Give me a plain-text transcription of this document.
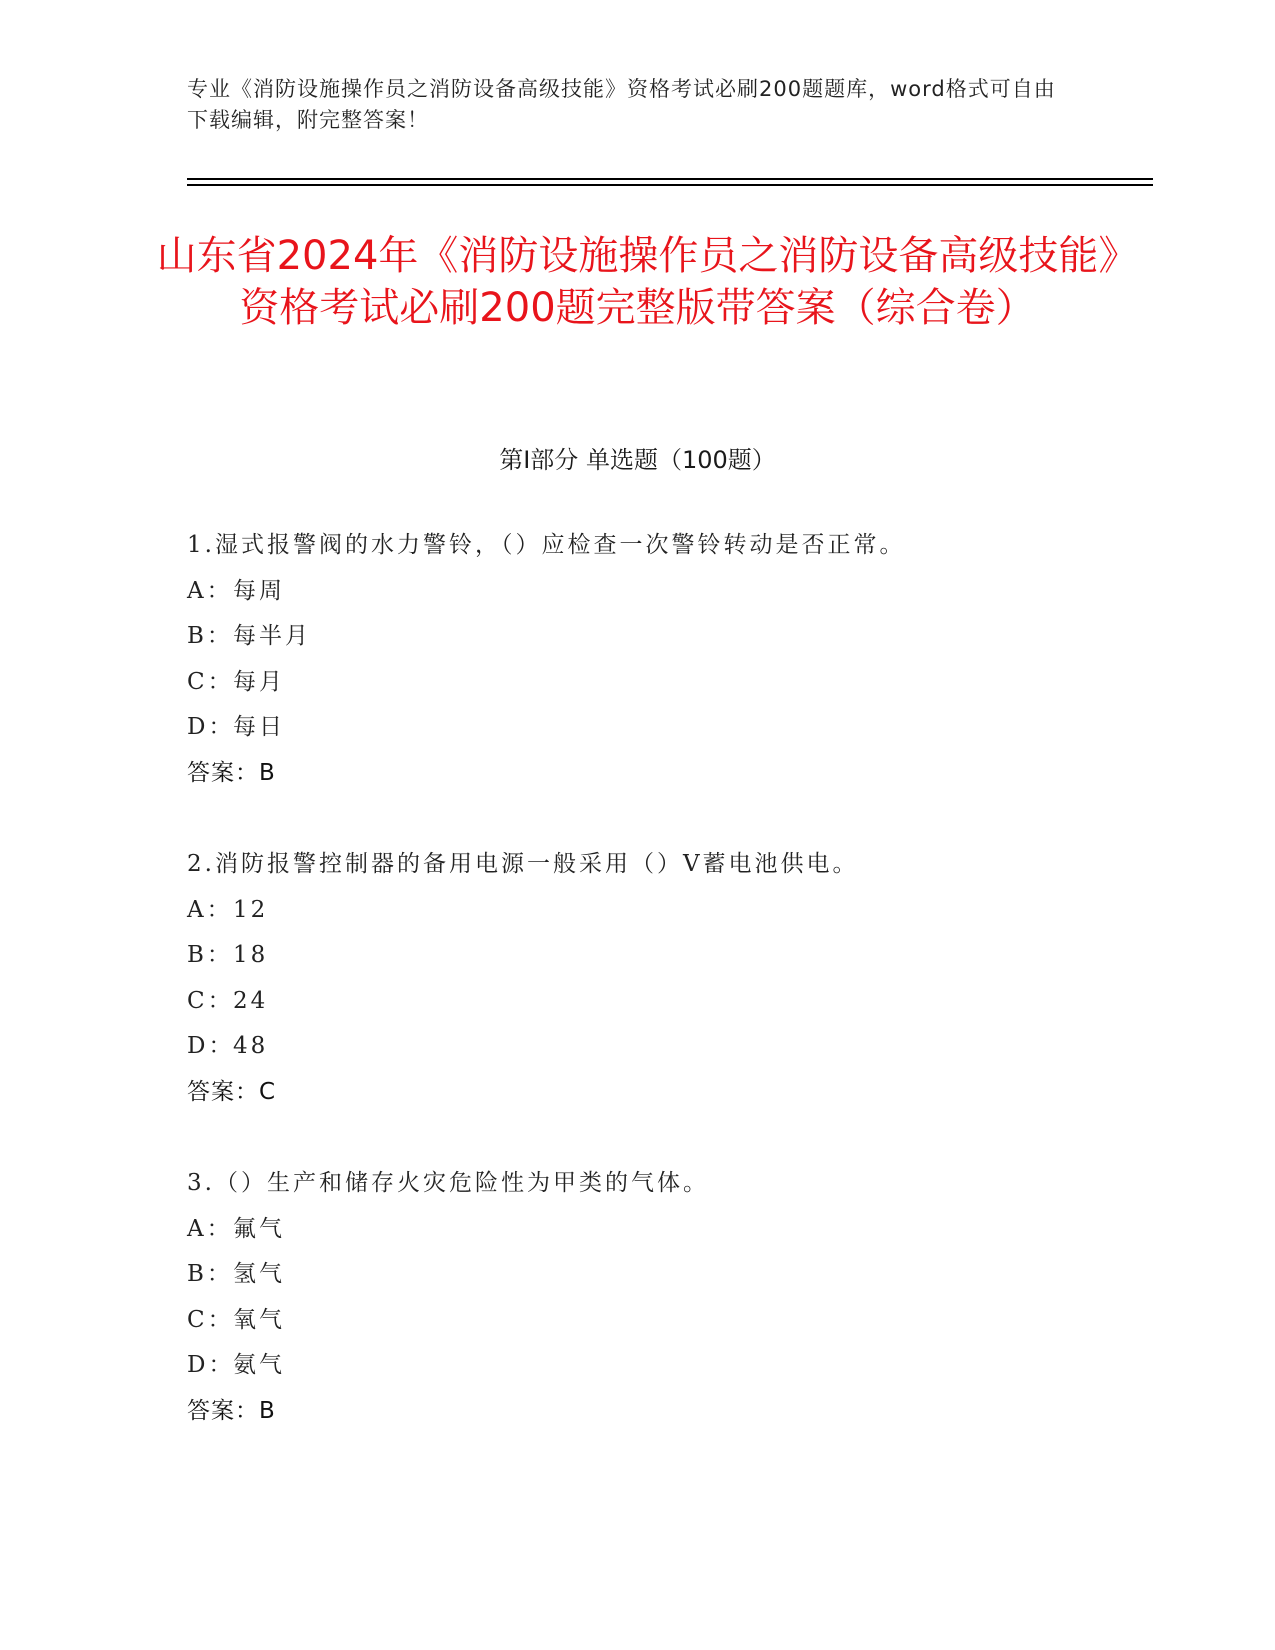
专业《消防设施操作员之消防设备高级技能》资格考试必刷200题题库，word格式可自由下载编辑，附完整答案！
山东省2024年《消防设施操作员之消防设备高级技能》资格考试必刷200题完整版带答案（综合卷）
第Ⅰ部分 单选题（100题）
1.湿式报警阀的水力警铃，（）应检查一次警铃转动是否正常。
A：每周
B：每半月
C：每月
D：每日
答案：B
2.消防报警控制器的备用电源一般采用（）V蓄电池供电。
A：12
B：18
C：24
D：48
答案：C
3.（）生产和储存火灾危险性为甲类的气体。
A：氟气
B：氢气
C：氧气
D：氨气
答案：B
